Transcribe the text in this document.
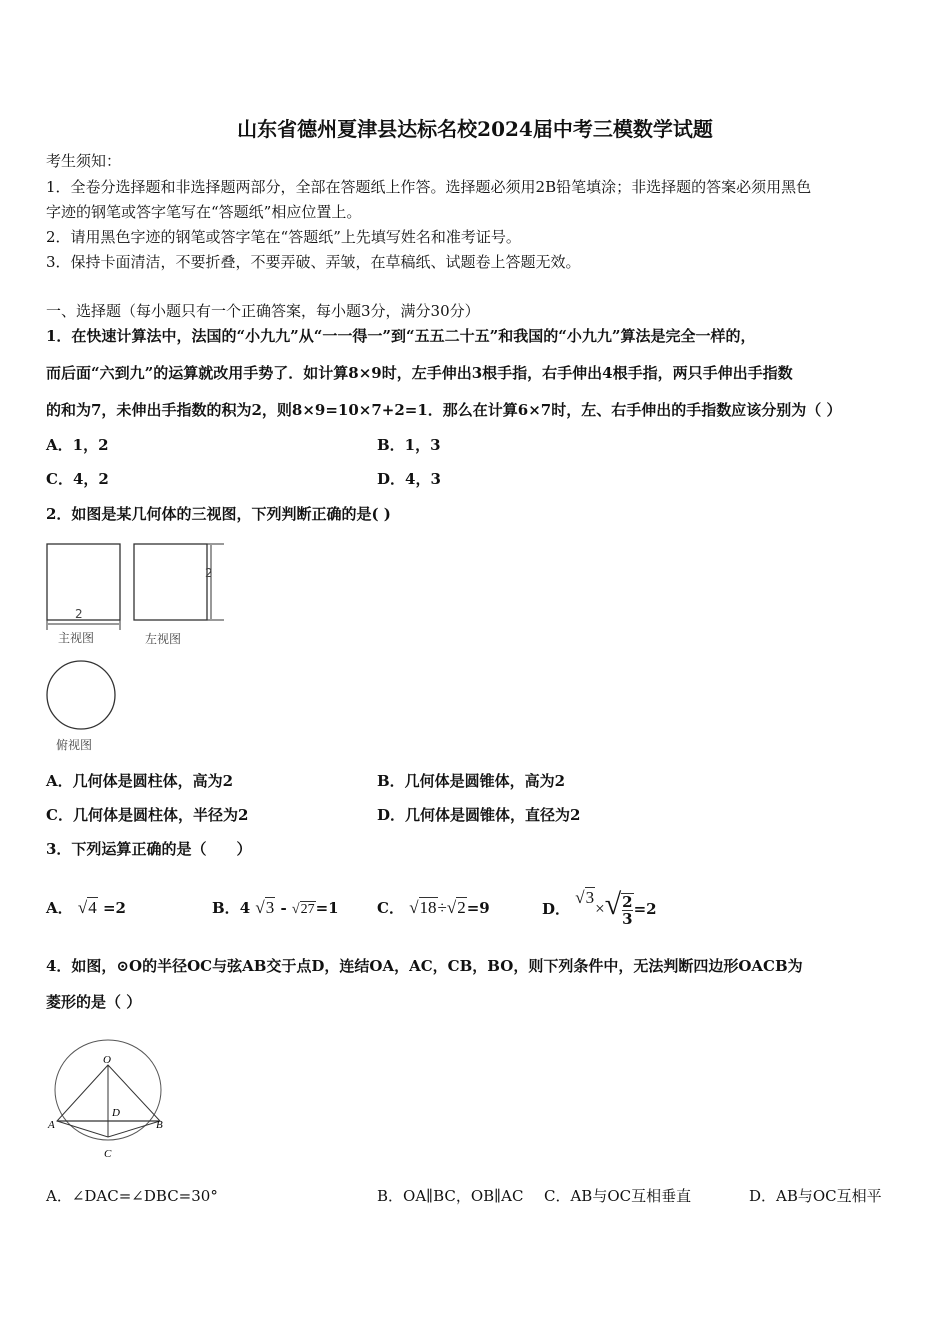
山东省德州夏津县达标名校2024届中考三模数学试题
考生须知：
1．全卷分选择题和非选择题两部分，全部在答题纸上作答。选择题必须用2B铅笔填涂；非选择题的答案必须用黑色
字迹的钢笔或答字笔写在“答题纸”相应位置上。
2．请用黑色字迹的钢笔或答字笔在“答题纸”上先填写姓名和准考证号。
3．保持卡面清洁，不要折叠，不要弄破、弄皱，在草稿纸、试题卷上答题无效。
一、选择题（每小题只有一个正确答案，每小题3分，满分30分）
1．在快速计算法中，法国的“小九九”从“一一得一”到“五五二十五”和我国的“小九九”算法是完全一样的，
而后面“六到九”的运算就改用手势了．如计算8×9时，左手伸出3根手指，右手伸出4根手指，两只手伸出手指数
的和为7，未伸出手指数的积为2，则8×9=10×7+2=1．那么在计算6×7时，左、右手伸出的手指数应该分别为（ ）
A．1，2	B．1，3
C．4，2	D．4，3
2．如图是某几何体的三视图，下列判断正确的是( )
2
2
主视图	左视图
俯视图
A．几何体是圆柱体，高为2	B．几何体是圆锥体，高为2
C．几何体是圆柱体，半径为2	D．几何体是圆锥体，直径为2
3．下列运算正确的是（　　）
A． √4 =2	B．4 √3 - √27=1	C． √18÷√2=9	D． $√3\times√ \frac{2}{3} =2$
4．如图，⊙O的半径OC与弦AB交于点D，连结OA，AC，CB，BO，则下列条件中，无法判断四边形OACB为
菱形的是（ ）
O
D
A	B
C
A．∠DAC=∠DBC=30°	B．OA∥BC，OB∥AC C．AB与OC互相垂直	D．AB与OC互相平
